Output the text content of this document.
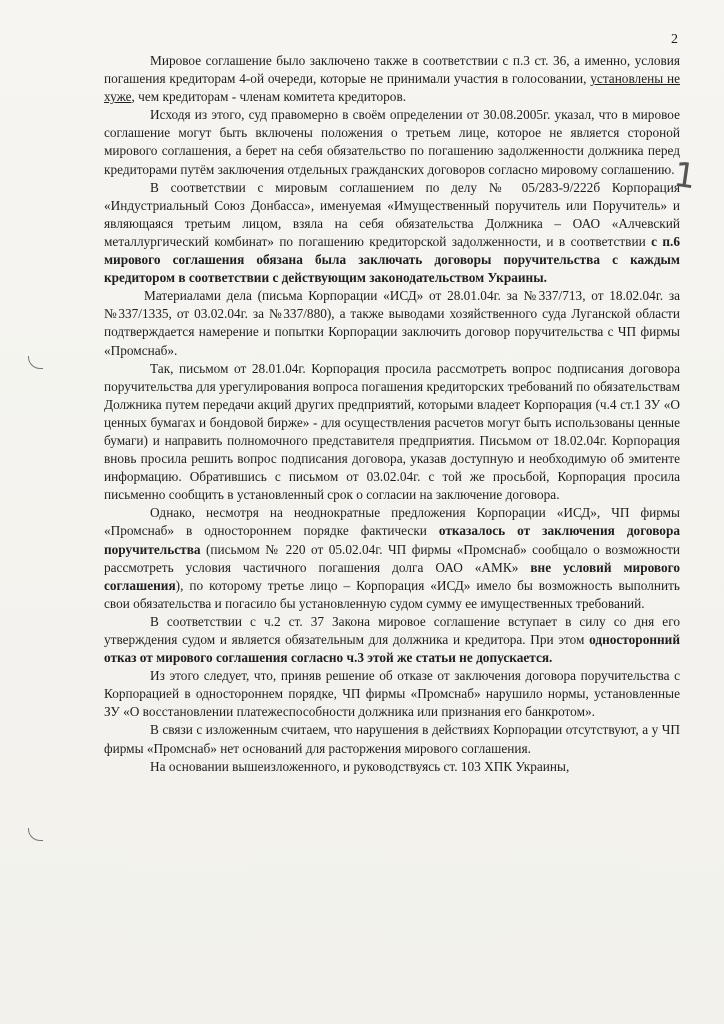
2

Мировое соглашение было заключено также в соответствии с п.3 ст. 36, а именно, условия погашения кредиторам 4-ой очереди, которые не принимали участия в голосовании, установлены не хуже, чем кредиторам - членам комитета кредиторов.

Исходя из этого, суд правомерно в своём определении от 30.08.2005г. указал, что в мировое соглашение могут быть включены положения о третьем лице, которое не является стороной мирового соглашения, а берет на себя обязательство по погашению задолженности должника перед кредиторами путём заключения отдельных гражданских договоров согласно мировому соглашению.

В соответствии с мировым соглашением по делу № 05/283-9/222б Корпорация «Индустриальный Союз Донбасса», именуемая «Имущественный поручитель или Поручитель» и являющаяся третьим лицом, взяла на себя обязательства Должника – ОАО «Алчевский металлургический комбинат» по погашению кредиторской задолженности, и в соответствии с п.6 мирового соглашения обязана была заключать договоры поручительства с каждым кредитором в соответствии с действующим законодательством Украины.

Материалами дела (письма Корпорации «ИСД» от 28.01.04г. за №337/713, от 18.02.04г. за №337/1335, от 03.02.04г. за №337/880), а также выводами хозяйственного суда Луганской области подтверждается намерение и попытки Корпорации заключить договор поручительства с ЧП фирмы «Промснаб».

Так, письмом от 28.01.04г. Корпорация просила рассмотреть вопрос подписания договора поручительства для урегулирования вопроса погашения кредиторских требований по обязательствам Должника путем передачи акций других предприятий, которыми владеет Корпорация (ч.4 ст.1 ЗУ «О ценных бумагах и бондовой бирже» - для осуществления расчетов могут быть использованы ценные бумаги) и направить полномочного представителя предприятия. Письмом от 18.02.04г. Корпорация вновь просила решить вопрос подписания договора, указав доступную и необходимую об эмитенте информацию. Обратившись с письмом от 03.02.04г. с той же просьбой, Корпорация просила письменно сообщить в установленный срок о согласии на заключение договора.

Однако, несмотря на неоднократные предложения Корпорации «ИСД», ЧП фирмы «Промснаб» в одностороннем порядке фактически отказалось от заключения договора поручительства (письмом № 220 от 05.02.04г. ЧП фирмы «Промснаб» сообщало о возможности рассмотреть условия частичного погашения долга ОАО «АМК» вне условий мирового соглашения), по которому третье лицо – Корпорация «ИСД» имело бы возможность выполнить свои обязательства и погасило бы установленную судом сумму ее имущественных требований.

В соответствии с ч.2 ст. 37 Закона мировое соглашение вступает в силу со дня его утверждения судом и является обязательным для должника и кредитора. При этом односторонний отказ от мирового соглашения согласно ч.3 этой же статьи не допускается.

Из этого следует, что, приняв решение об отказе от заключения договора поручительства с Корпорацией в одностороннем порядке, ЧП фирмы «Промснаб» нарушило нормы, установленные ЗУ «О восстановлении платежеспособности должника или признания его банкротом».

В связи с изложенным считаем, что нарушения в действиях Корпорации отсутствуют, а у ЧП фирмы «Промснаб» нет оснований для расторжения мирового соглашения.

На основании вышеизложенного, и руководствуясь ст. 103 ХПК Украины,

1
